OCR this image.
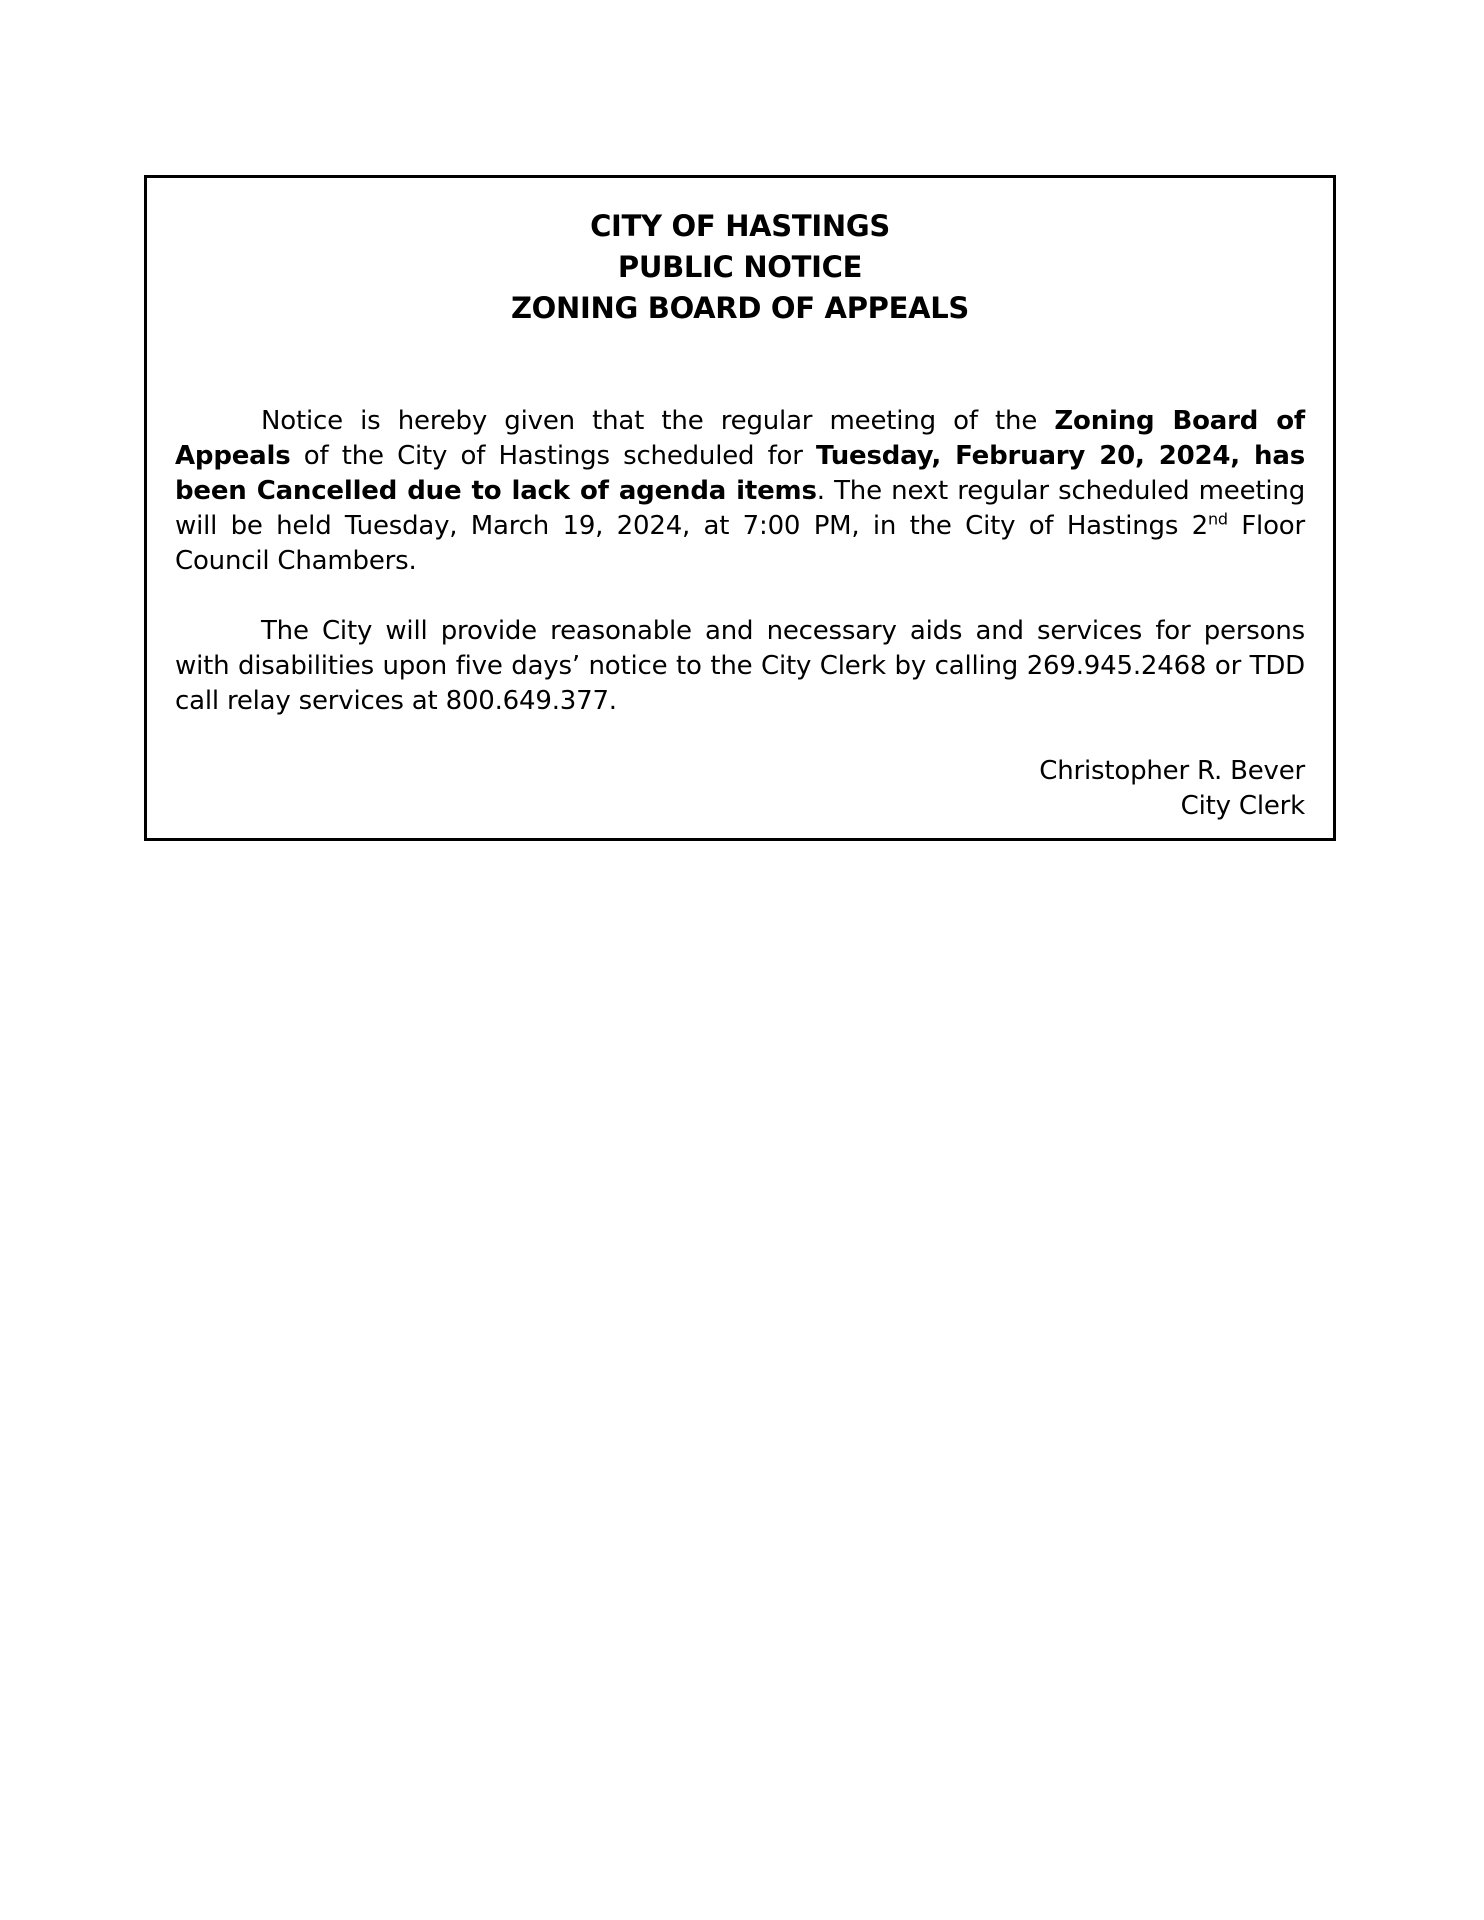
CITY OF HASTINGS
PUBLIC NOTICE
ZONING BOARD OF APPEALS

Notice is hereby given that the regular meeting of the Zoning Board of Appeals of the City of Hastings scheduled for Tuesday, February 20, 2024, has been Cancelled due to lack of agenda items. The next regular scheduled meeting will be held Tuesday, March 19, 2024, at 7:00 PM, in the City of Hastings 2nd Floor Council Chambers.

The City will provide reasonable and necessary aids and services for persons with disabilities upon five days’ notice to the City Clerk by calling 269.945.2468 or TDD call relay services at 800.649.377.

Christopher R. Bever
City Clerk
